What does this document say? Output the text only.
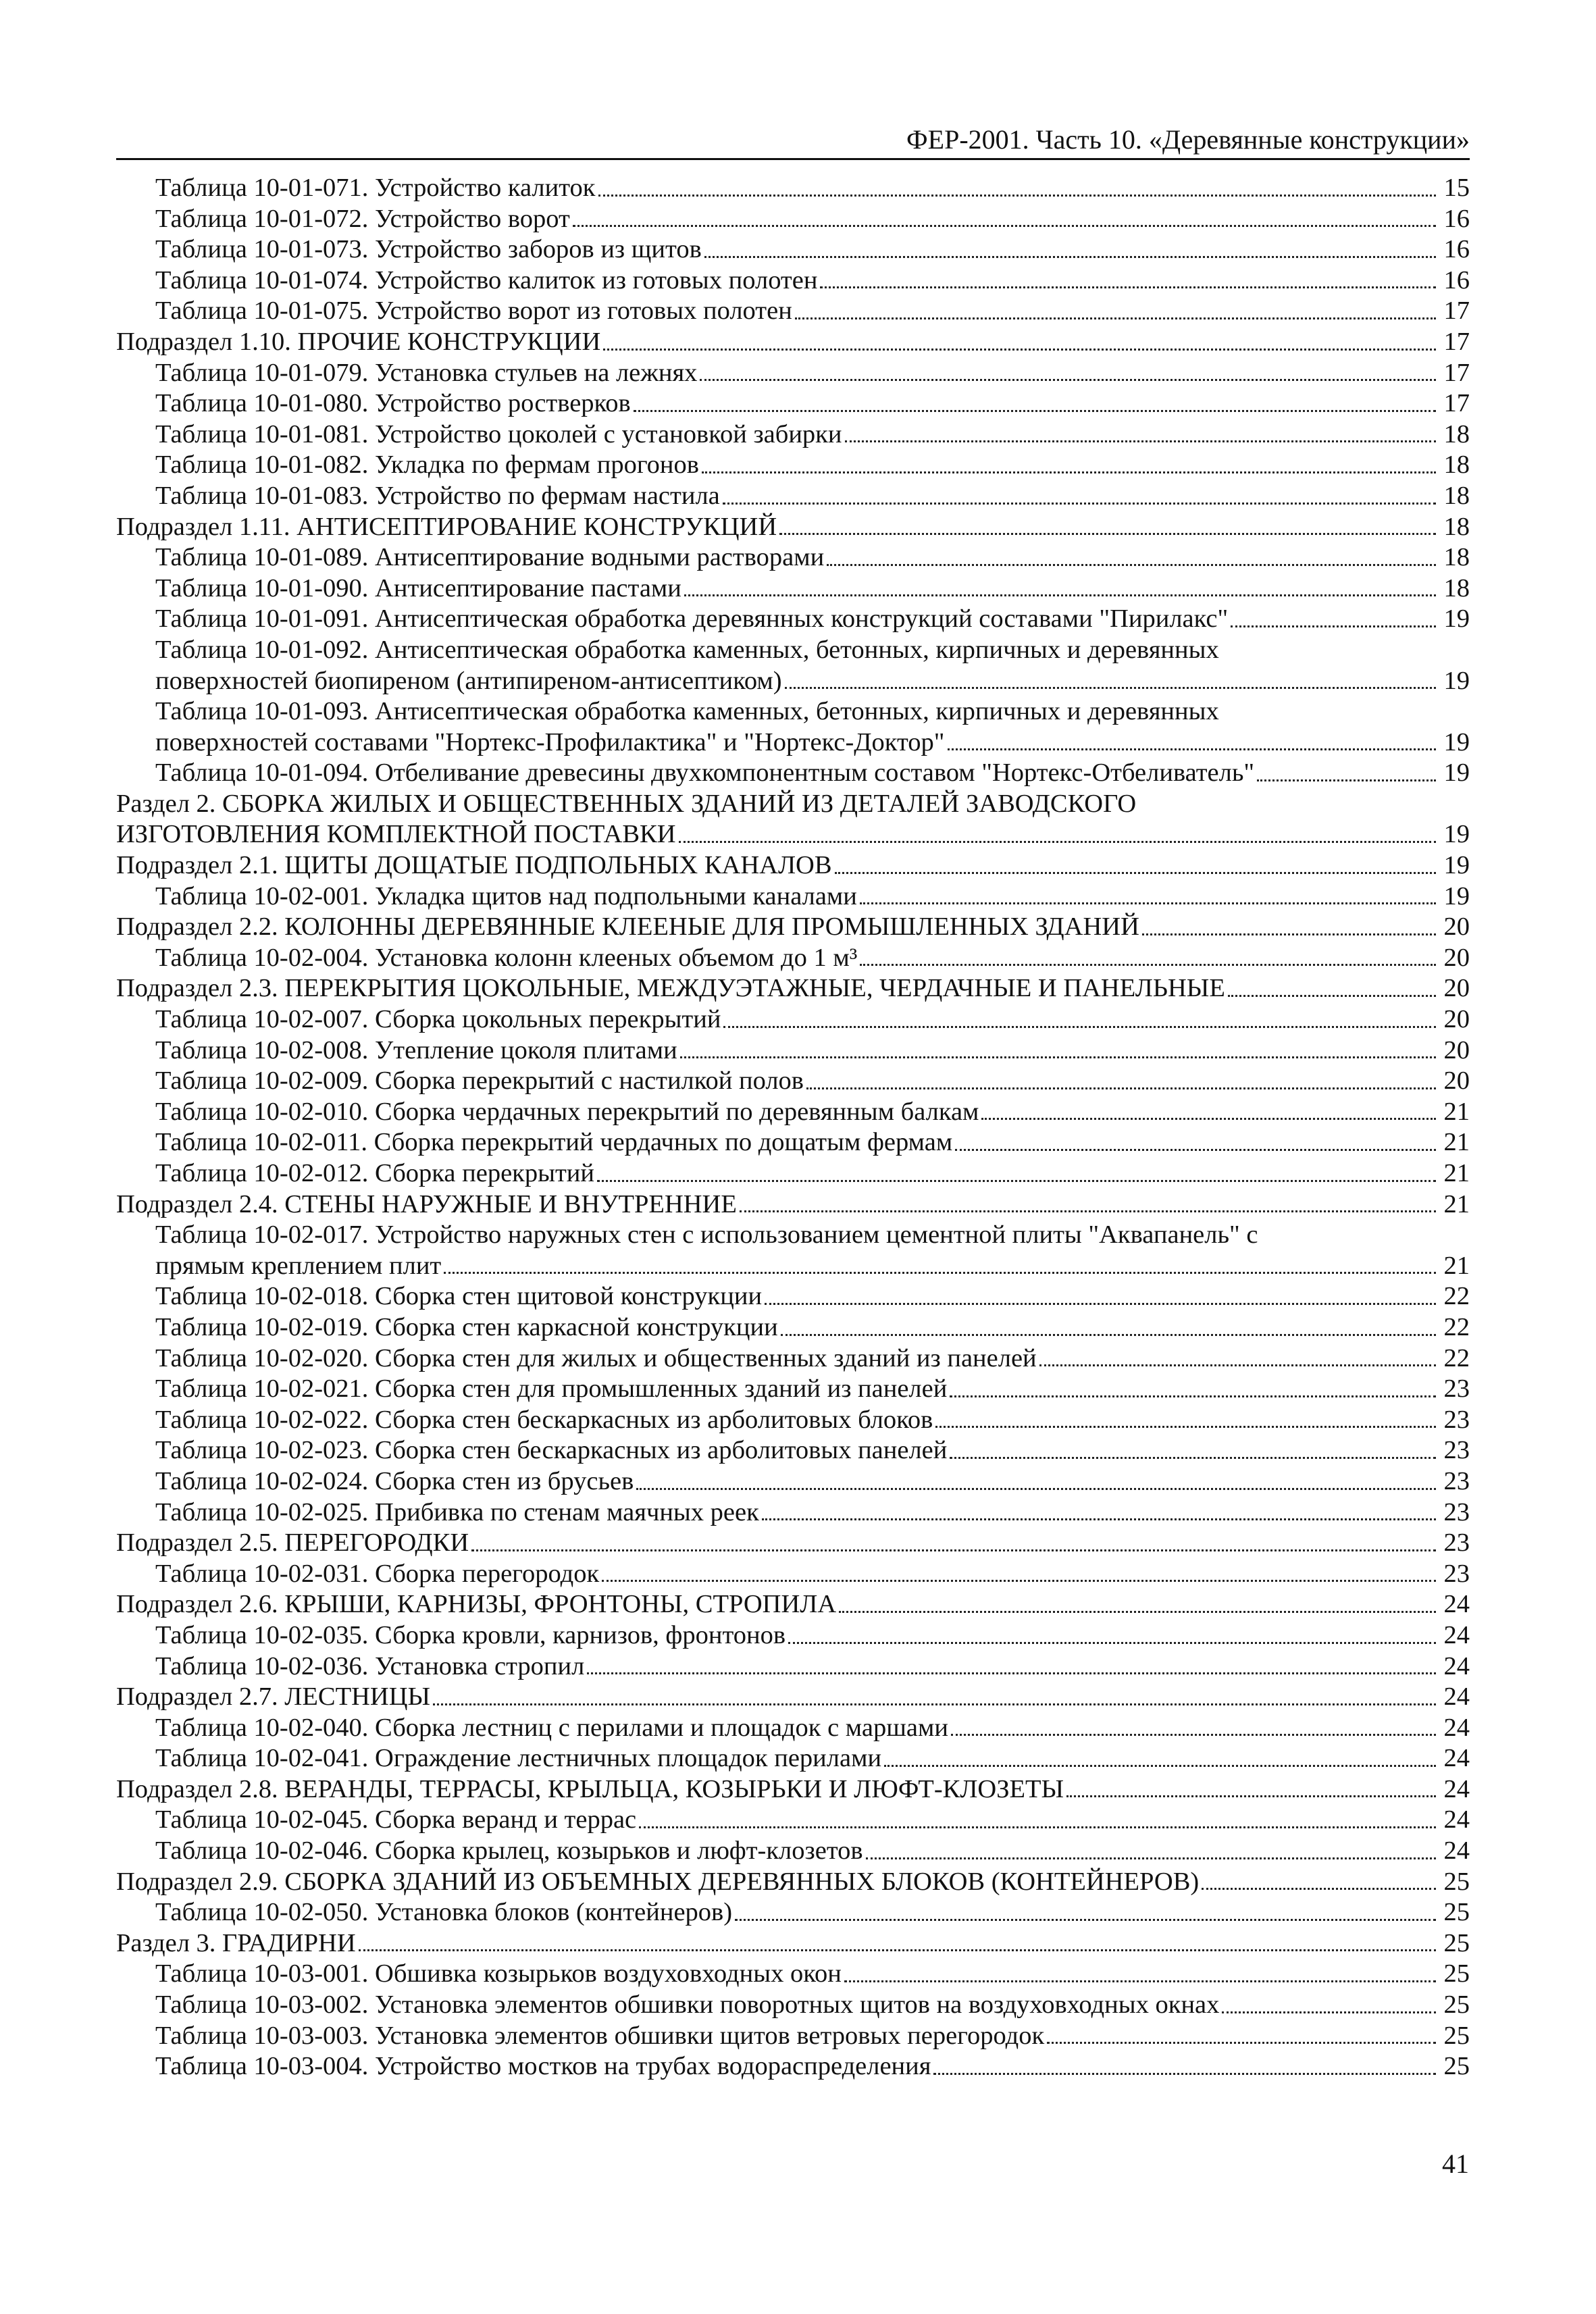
ФЕР-2001. Часть 10. «Деревянные конструкции»
Таблица 10-01-071. Устройство калиток	15
Таблица 10-01-072. Устройство ворот	16
Таблица 10-01-073. Устройство заборов из щитов	16
Таблица 10-01-074. Устройство калиток из готовых полотен	16
Таблица 10-01-075. Устройство ворот из готовых полотен	17
Подраздел 1.10. ПРОЧИЕ КОНСТРУКЦИИ	17
Таблица 10-01-079. Установка стульев на лежнях	17
Таблица 10-01-080. Устройство ростверков	17
Таблица 10-01-081. Устройство цоколей с установкой забирки	18
Таблица 10-01-082. Укладка по фермам прогонов	18
Таблица 10-01-083. Устройство по фермам настила	18
Подраздел 1.11. АНТИСЕПТИРОВАНИЕ КОНСТРУКЦИЙ	18
Таблица 10-01-089. Антисептирование водными растворами	18
Таблица 10-01-090. Антисептирование пастами	18
Таблица 10-01-091. Антисептическая обработка деревянных конструкций составами "Пирилакс"	19
Таблица 10-01-092. Антисептическая обработка каменных, бетонных, кирпичных и деревянных
поверхностей биопиреном (антипиреном-антисептиком)	19
Таблица 10-01-093. Антисептическая обработка каменных, бетонных, кирпичных и деревянных
поверхностей составами "Нортекс-Профилактика" и "Нортекс-Доктор"	19
Таблица 10-01-094. Отбеливание древесины двухкомпонентным составом "Нортекс-Отбеливатель"	19
Раздел 2. СБОРКА ЖИЛЫХ И ОБЩЕСТВЕННЫХ ЗДАНИЙ ИЗ ДЕТАЛЕЙ ЗАВОДСКОГО
ИЗГОТОВЛЕНИЯ КОМПЛЕКТНОЙ ПОСТАВКИ	19
Подраздел 2.1. ЩИТЫ ДОЩАТЫЕ ПОДПОЛЬНЫХ КАНАЛОВ	19
Таблица 10-02-001. Укладка щитов над подпольными каналами	19
Подраздел 2.2. КОЛОННЫ ДЕРЕВЯННЫЕ КЛЕЕНЫЕ ДЛЯ ПРОМЫШЛЕННЫХ ЗДАНИЙ	20
Таблица 10-02-004. Установка колонн клееных объемом до 1 м³	20
Подраздел 2.3. ПЕРЕКРЫТИЯ ЦОКОЛЬНЫЕ, МЕЖДУЭТАЖНЫЕ, ЧЕРДАЧНЫЕ И ПАНЕЛЬНЫЕ	20
Таблица 10-02-007. Сборка цокольных перекрытий	20
Таблица 10-02-008. Утепление цоколя плитами	20
Таблица 10-02-009. Сборка перекрытий с настилкой полов	20
Таблица 10-02-010. Сборка чердачных перекрытий по деревянным балкам	21
Таблица 10-02-011. Сборка перекрытий чердачных по дощатым фермам	21
Таблица 10-02-012. Сборка перекрытий	21
Подраздел 2.4. СТЕНЫ НАРУЖНЫЕ И ВНУТРЕННИЕ	21
Таблица 10-02-017. Устройство наружных стен с использованием цементной плиты "Аквапанель" с
прямым креплением плит	21
Таблица 10-02-018. Сборка стен щитовой конструкции	22
Таблица 10-02-019. Сборка стен каркасной конструкции	22
Таблица 10-02-020. Сборка стен для жилых и общественных зданий из панелей	22
Таблица 10-02-021. Сборка стен для промышленных зданий из панелей	23
Таблица 10-02-022. Сборка стен бескаркасных из арболитовых блоков	23
Таблица 10-02-023. Сборка стен бескаркасных из арболитовых панелей	23
Таблица 10-02-024. Сборка стен из брусьев	23
Таблица 10-02-025. Прибивка по стенам маячных реек	23
Подраздел 2.5. ПЕРЕГОРОДКИ	23
Таблица 10-02-031. Сборка перегородок	23
Подраздел 2.6. КРЫШИ, КАРНИЗЫ, ФРОНТОНЫ, СТРОПИЛА	24
Таблица 10-02-035. Сборка кровли, карнизов, фронтонов	24
Таблица 10-02-036. Установка стропил	24
Подраздел 2.7. ЛЕСТНИЦЫ	24
Таблица 10-02-040. Сборка лестниц с перилами и площадок с маршами	24
Таблица 10-02-041. Ограждение лестничных площадок перилами	24
Подраздел 2.8. ВЕРАНДЫ, ТЕРРАСЫ, КРЫЛЬЦА, КОЗЫРЬКИ И ЛЮФТ-КЛОЗЕТЫ	24
Таблица 10-02-045. Сборка веранд и террас	24
Таблица 10-02-046. Сборка крылец, козырьков и люфт-клозетов	24
Подраздел 2.9. СБОРКА ЗДАНИЙ ИЗ ОБЪЕМНЫХ ДЕРЕВЯННЫХ БЛОКОВ (КОНТЕЙНЕРОВ)	25
Таблица 10-02-050. Установка блоков (контейнеров)	25
Раздел 3. ГРАДИРНИ	25
Таблица 10-03-001. Обшивка козырьков воздуховходных окон	25
Таблица 10-03-002. Установка элементов обшивки поворотных щитов на воздуховходных окнах	25
Таблица 10-03-003. Установка элементов обшивки щитов ветровых перегородок	25
Таблица 10-03-004. Устройство мостков на трубах водораспределения	25
41
